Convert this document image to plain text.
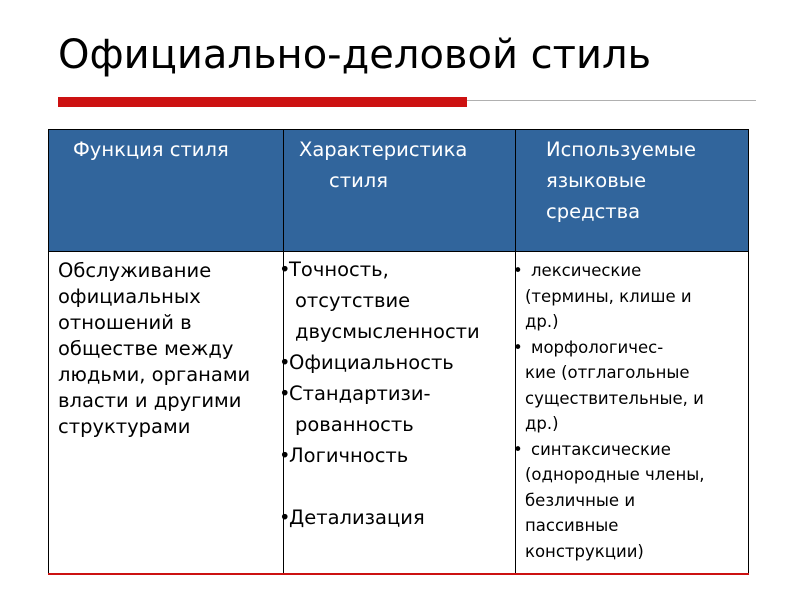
Официально-деловой стиль
Функция стиля	Характеристика
стиля
Используемые
языковые
средства
Обслуживание
официальных
отношений в
обществе между
людьми, органами
власти и другими
структурами
•Точность,
отсутствие
двусмысленности
•Официальность
•Стандартизи-
рованность
•Логичность
•Детализация
• лексические
(термины, клише и
др.)
• морфологичес-
кие (отглагольные
существительные, и
др.)
• синтаксические
(однородные члены,
безличные и
пассивные
конструкции)
